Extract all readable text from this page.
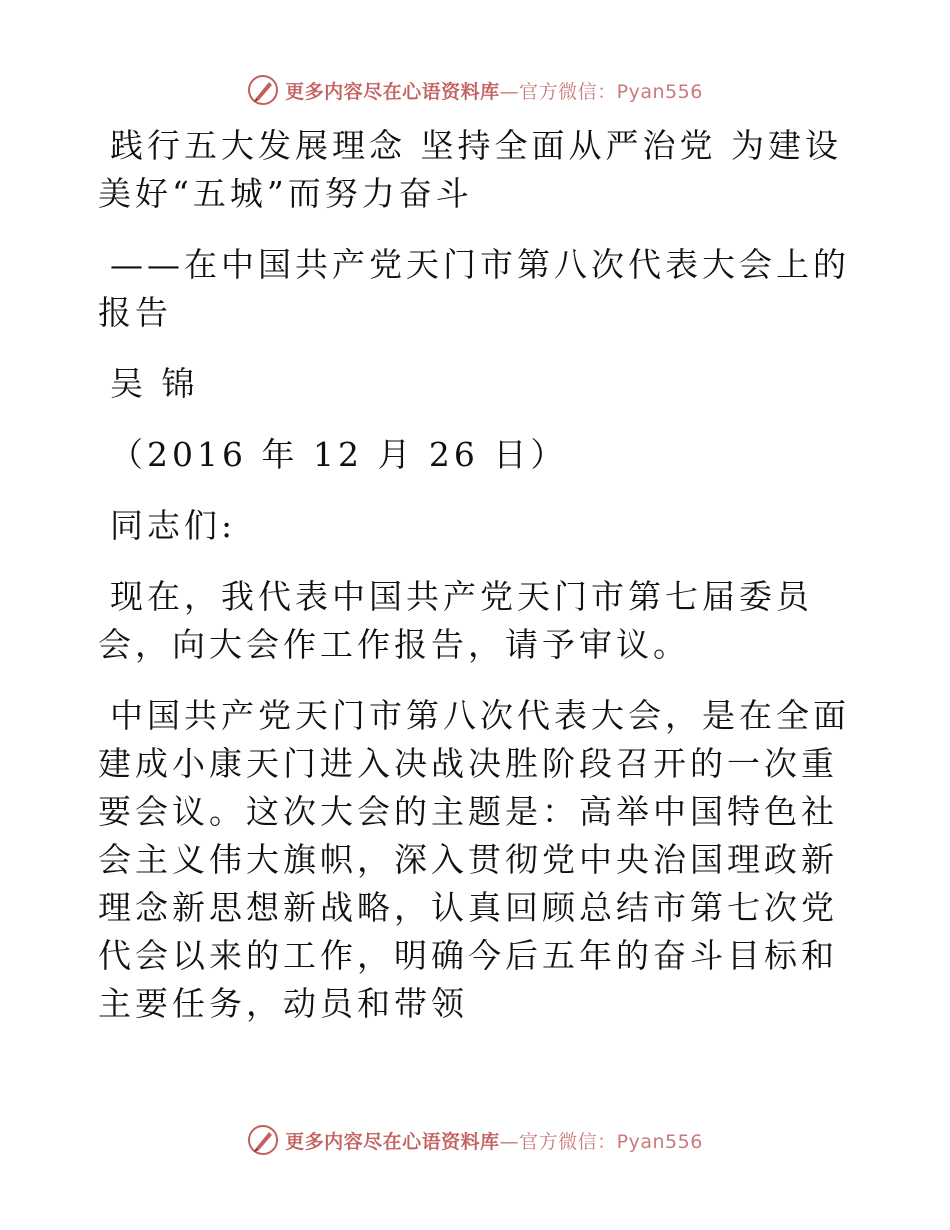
更多内容尽在心语资料库—官方微信：Pyan556

践行五大发展理念 坚持全面从严治党 为建设美好“五城”而努力奋斗

——在中国共产党天门市第八次代表大会上的报告

吴 锦

（2016 年 12 月 26 日）

同志们:

现在，我代表中国共产党天门市第七届委员会，向大会作工作报告，请予审议。

中国共产党天门市第八次代表大会，是在全面建成小康天门进入决战决胜阶段召开的一次重要会议。这次大会的主题是：高举中国特色社会主义伟大旗帜，深入贯彻党中央治国理政新理念新思想新战略，认真回顾总结市第七次党代会以来的工作，明确今后五年的奋斗目标和主要任务，动员和带领

更多内容尽在心语资料库—官方微信：Pyan556
